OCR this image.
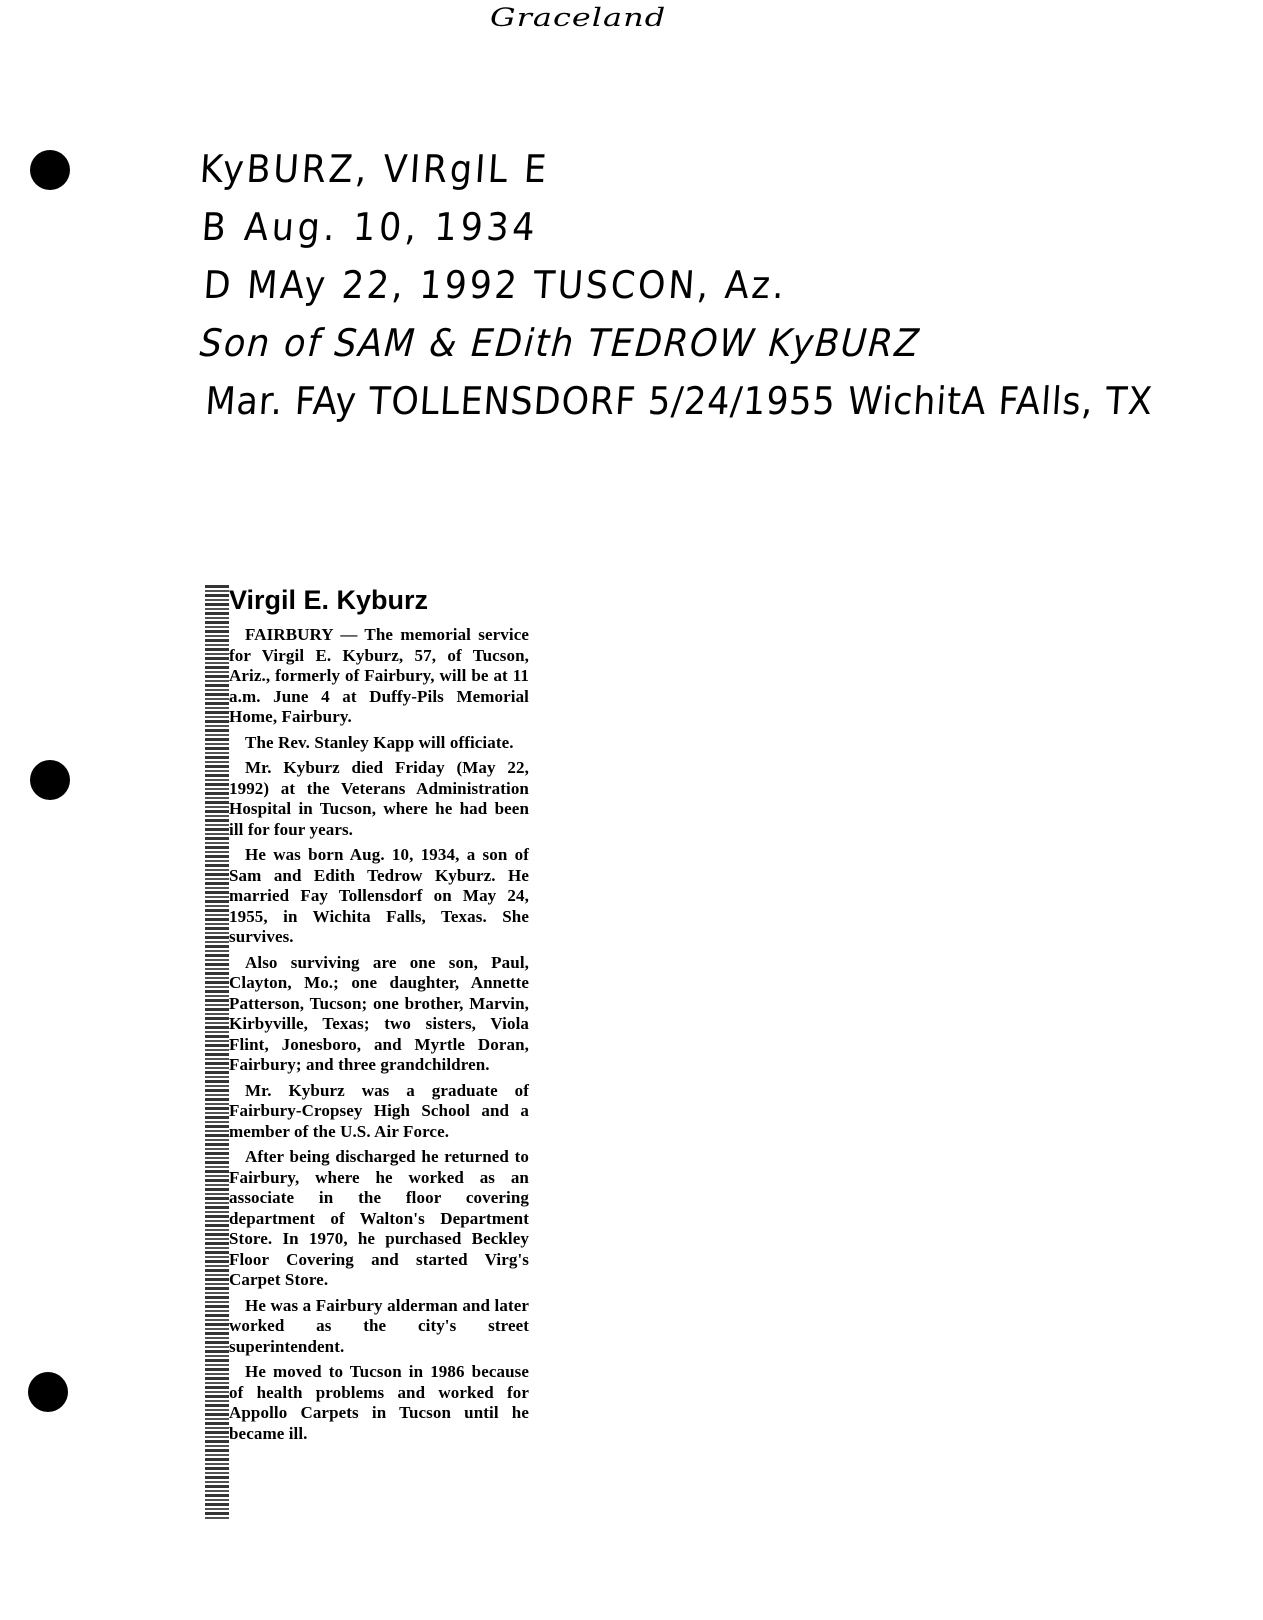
Graceland
KyBURZ, VIRgIL E
B Aug. 10, 1934
D MAy 22, 1992 TUSCON, Az.
Son of SAM & EDith TEDROW KyBURZ
Mar. FAy TOLLENSDORF 5/24/1955 WichitA FAlls, TX
Virgil E. Kyburz

FAIRBURY — The memorial service for Virgil E. Kyburz, 57, of Tucson, Ariz., formerly of Fairbury, will be at 11 a.m. June 4 at Duffy-Pils Memorial Home, Fairbury.

The Rev. Stanley Kapp will officiate.

Mr. Kyburz died Friday (May 22, 1992) at the Veterans Administration Hospital in Tucson, where he had been ill for four years.

He was born Aug. 10, 1934, a son of Sam and Edith Tedrow Kyburz. He married Fay Tollensdorf on May 24, 1955, in Wichita Falls, Texas. She survives.

Also surviving are one son, Paul, Clayton, Mo.; one daughter, Annette Patterson, Tucson; one brother, Marvin, Kirbyville, Texas; two sisters, Viola Flint, Jonesboro, and Myrtle Doran, Fairbury; and three grandchildren.

Mr. Kyburz was a graduate of Fairbury-Cropsey High School and a member of the U.S. Air Force.

After being discharged he returned to Fairbury, where he worked as an associate in the floor covering department of Walton's Department Store. In 1970, he purchased Beckley Floor Covering and started Virg's Carpet Store.

He was a Fairbury alderman and later worked as the city's street superintendent.

He moved to Tucson in 1986 because of health problems and worked for Appollo Carpets in Tucson until he became ill.
